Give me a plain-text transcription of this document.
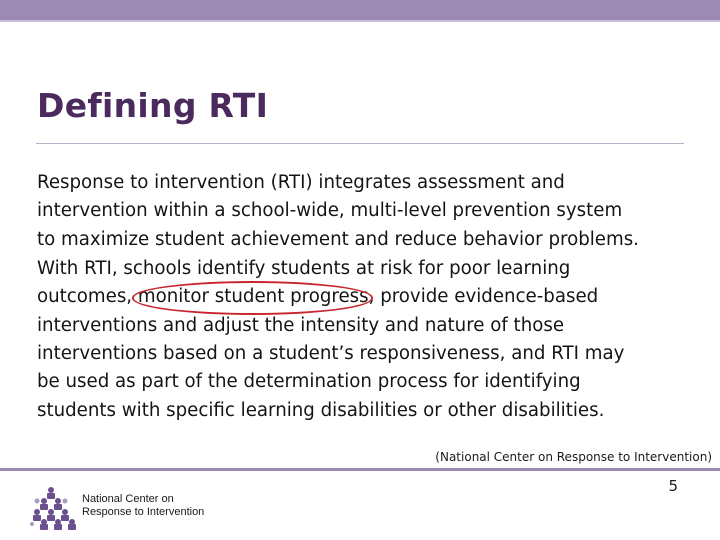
Defining RTI

Response to intervention (RTI) integrates assessment and
intervention within a school-wide, multi‑level prevention system
to maximize student achievement and reduce behavior problems.

With RTI, schools identify students at risk for poor learning
outcomes, monitor student progress
, provide evidence-based
interventions and adjust the intensity and nature of those
interventions based on a student’s responsiveness, and RTI may
be used as part of the determination process for identifying
students with specific learning disabilities or other disabilities.

(National Center on Response to Intervention)
National Center on
Response to Intervention
5
